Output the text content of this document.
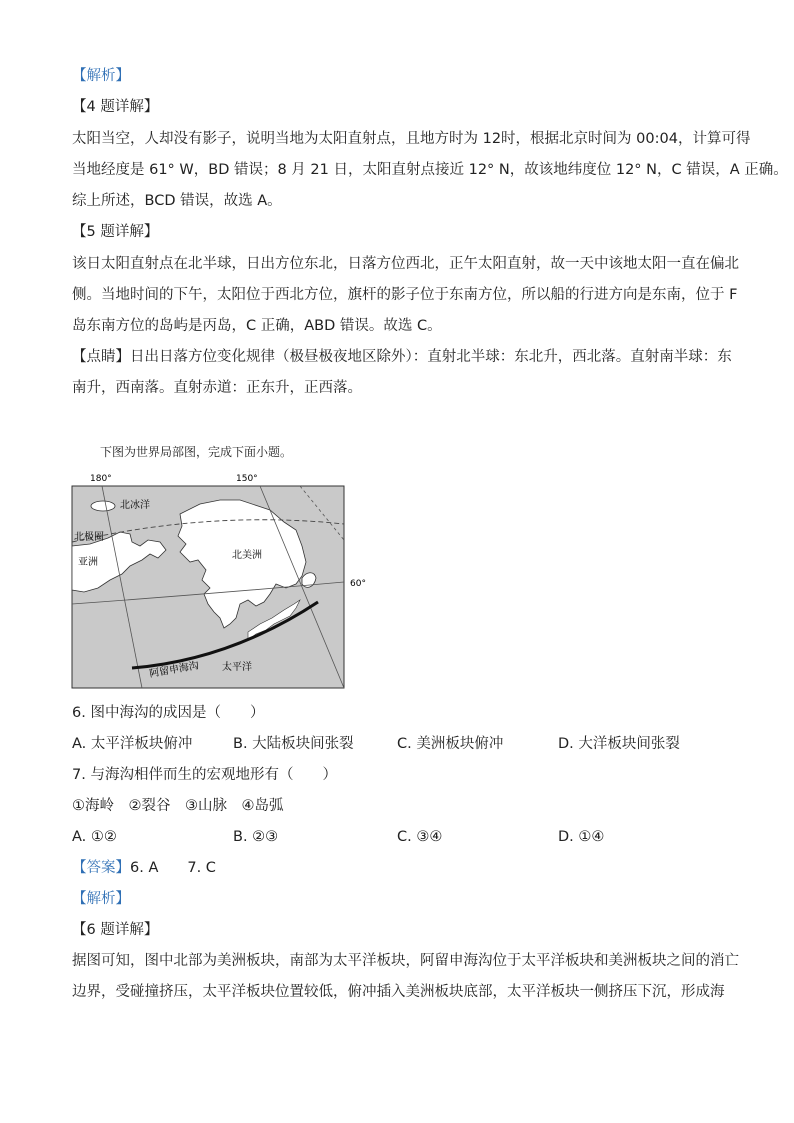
【解析】
【4 题详解】
太阳当空，人却没有影子，说明当地为太阳直射点，且地方时为 12时，根据北京时间为 00:04，计算可得
当地经度是 61° W，BD 错误；8 月 21 日，太阳直射点接近 12° N，故该地纬度位 12° N，C 错误，A 正确。
综上所述，BCD 错误，故选 A。
【5 题详解】
该日太阳直射点在北半球，日出方位东北，日落方位西北，正午太阳直射，故一天中该地太阳一直在偏北
侧。当地时间的下午，太阳位于西北方位，旗杆的影子位于东南方位，所以船的行进方向是东南，位于 F
岛东南方位的岛屿是丙岛，C 正确，ABD 错误。故选 C。
【点睛】日出日落方位变化规律（极昼极夜地区除外）：直射北半球：东北升，西北落。直射南半球：东
南升，西南落。直射赤道：正东升，正西落。
下图为世界局部图，完成下面小题。
180°	150°
60°
北冰洋
北极圈
亚洲
北美洲
阿留申海沟 太平洋
6. 图中海沟的成因是（　　）
A. 太平洋板块俯冲	B. 大陆板块间张裂	C. 美洲板块俯冲	D. 大洋板块间张裂
7. 与海沟相伴而生的宏观地形有（　　）
①海岭　②裂谷　③山脉　④岛弧
A. ①②	B. ②③	C. ③④	D. ①④
【答案】6. A　　7. C
【解析】
【6 题详解】
据图可知，图中北部为美洲板块，南部为太平洋板块，阿留申海沟位于太平洋板块和美洲板块之间的消亡
边界，受碰撞挤压，太平洋板块位置较低，俯冲插入美洲板块底部，太平洋板块一侧挤压下沉，形成海
